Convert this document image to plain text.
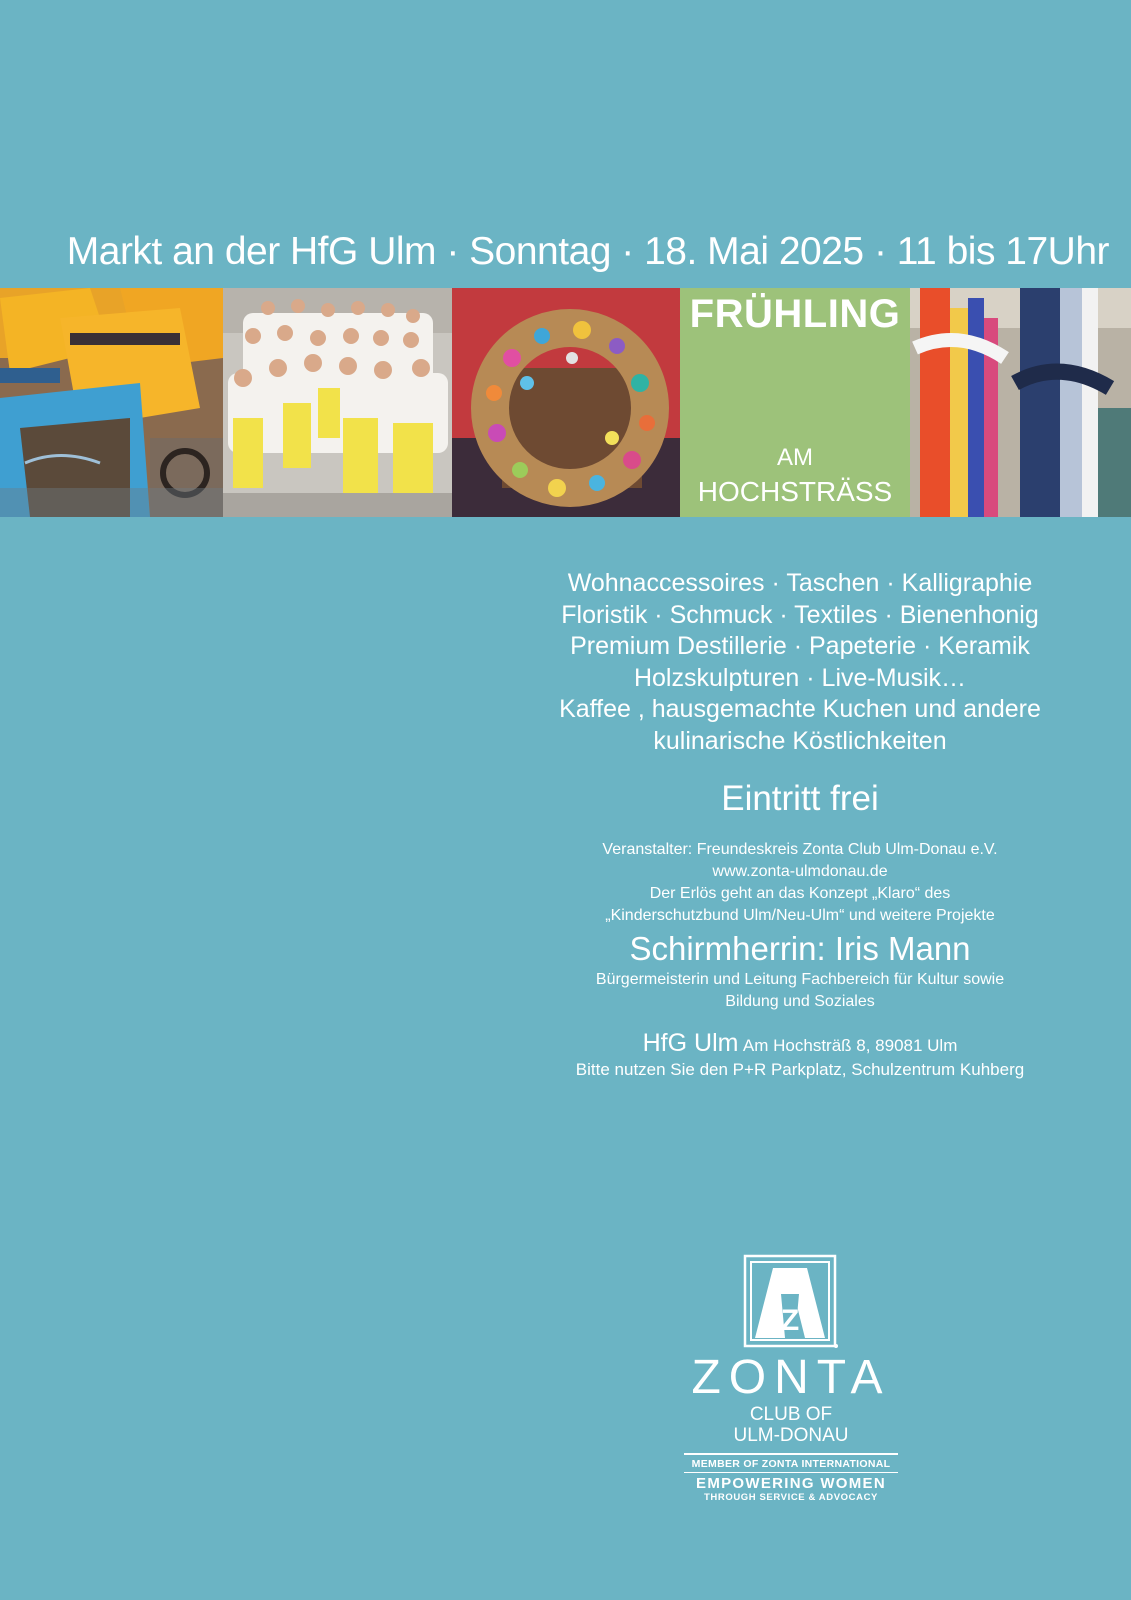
Markt an der HfG Ulm · Sonntag · 18. Mai 2025 · 11 bis 17Uhr
FRÜHLING
AM
HOCHSTRÄSS
Wohnaccessoires · Taschen · Kalligraphie
Floristik · Schmuck · Textiles · Bienenhonig
Premium Destillerie · Papeterie · Keramik
Holzskulpturen · Live-Musik…
Kaffee , hausgemachte Kuchen und andere
kulinarische Köstlichkeiten
Eintritt frei
Veranstalter: Freundeskreis Zonta Club Ulm-Donau e.V.
www.zonta-ulmdonau.de
Der Erlös geht an das Konzept „Klaro“ des
„Kinderschutzbund Ulm/Neu-Ulm“ und weitere Projekte
Schirmherrin: Iris Mann
Bürgermeisterin und Leitung Fachbereich für Kultur sowie
Bildung und Soziales
HfG Ulm Am Hochsträß 8, 89081 Ulm
Bitte nutzen Sie den P+R Parkplatz, Schulzentrum Kuhberg
Z
ZONTA
CLUB OF
ULM-DONAU
MEMBER OF ZONTA INTERNATIONAL
EMPOWERING WOMEN
THROUGH SERVICE & ADVOCACY
